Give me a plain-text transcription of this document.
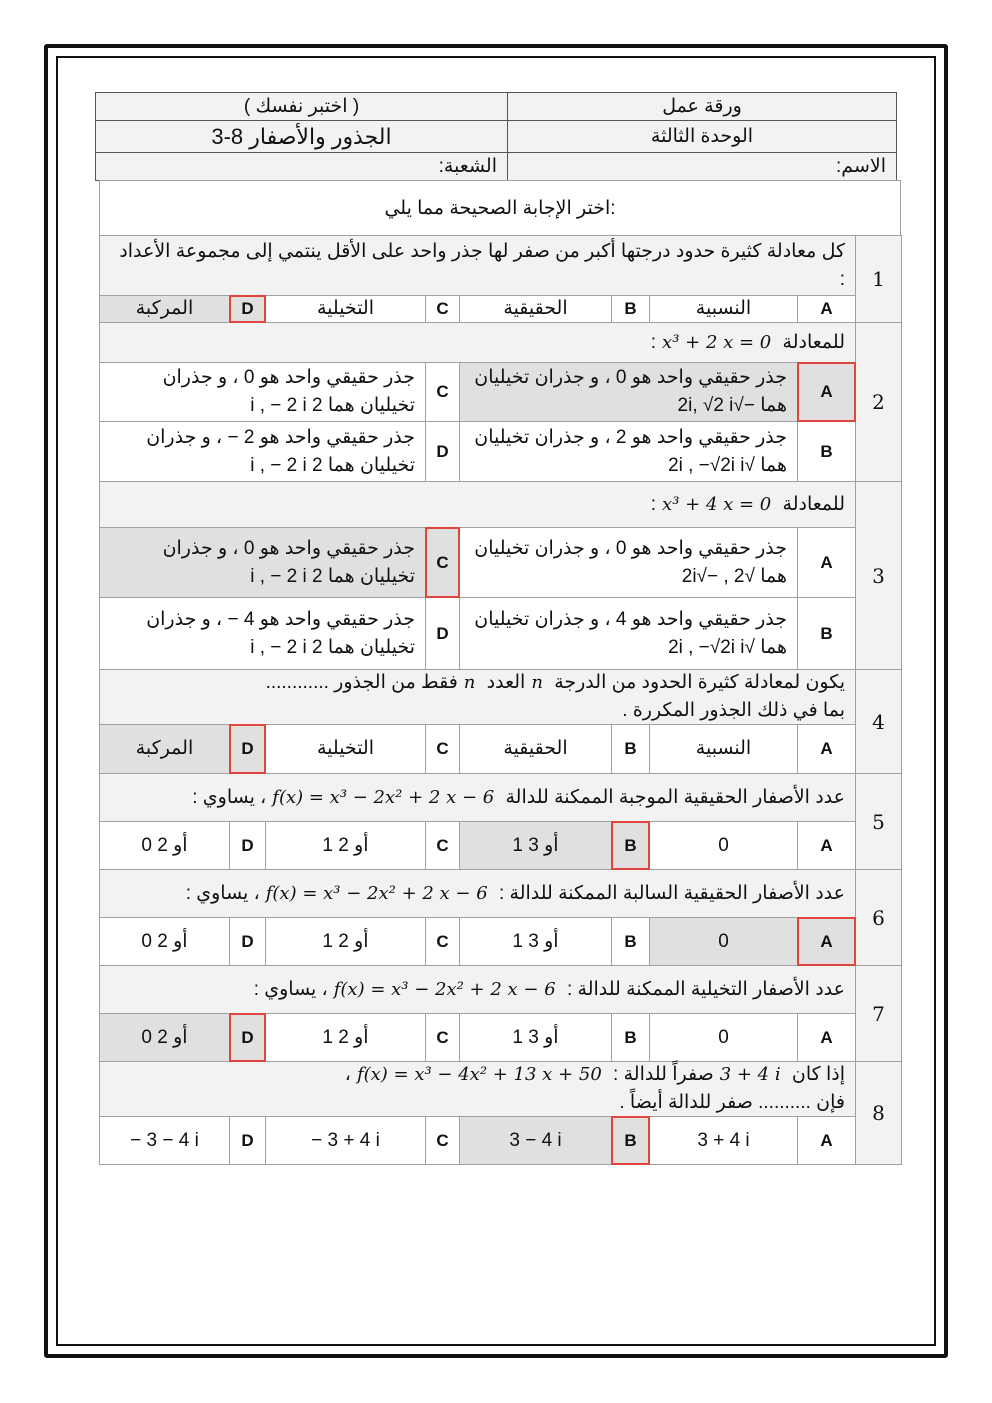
ورقة عمل
( اختبر نفسك )
الوحدة الثالثة
3-8 الجذور والأصفار
الاسم:
الشعبة:
اختر الإجابة الصحيحة مما يلي:
1
كل معادلة كثيرة حدود درجتها أكبر من صفر لها جذر واحد على الأقل ينتمي إلى مجموعة الأعداد :
A
النسبية
B
الحقيقية
C
التخيلية
D
المركبة
2
للمعادلة x³ + 2 x = 0:
A
جذر حقيقي واحد هو 0 ، و جذران تخيليان
هما −√2i, √2 i
B
جذر حقيقي واحد هو 2 ، و جذران تخيليان
هما √2i , −√2i i
C
جذر حقيقي واحد هو 0 ، و جذران
تخيليان هما 2 i , − 2 i
D
جذر حقيقي واحد هو 2 − ، و جذران
تخيليان هما 2 i , − 2 i
3
للمعادلة x³ + 4 x = 0:
A
جذر حقيقي واحد هو 0 ، و جذران تخيليان
هما √2 , −√2i
B
جذر حقيقي واحد هو 4 ، و جذران تخيليان
هما √2i , −√2i i
C
جذر حقيقي واحد هو 0 ، و جذران
تخيليان هما 2 i , − 2 i
D
جذر حقيقي واحد هو 4 − ، و جذران
تخيليان هما 2 i , − 2 i
4
يكون لمعادلة كثيرة الحدود من الدرجة nالعدد nفقط من الجذور ............
بما في ذلك الجذور المكررة .
A
النسبية
B
الحقيقية
C
التخيلية
D
المركبة
5
عدد الأصفار الحقيقية الموجبة الممكنة للدالة f(x) = x³ − 2x² + 2 x − 6، يساوي :
A
0
B
1 أو 3
C
1 أو 2
D
0 أو 2
6
عدد الأصفار الحقيقية السالبة الممكنة للدالة : f(x) = x³ − 2x² + 2 x − 6، يساوي :
A
0
B
1 أو 3
C
1 أو 2
D
0 أو 2
7
عدد الأصفار التخيلية الممكنة للدالة : f(x) = x³ − 2x² + 2 x − 6، يساوي :
A
0
B
1 أو 3
C
1 أو 2
D
0 أو 2
8
إذا كان 3 + 4 iصفراً للدالة : f(x) = x³ − 4x² + 13 x + 50،
فإن .......... صفر للدالة أيضاً .
A
3 + 4 i
B
3 − 4 i
C
− 3 + 4 i
D
− 3 − 4 i
